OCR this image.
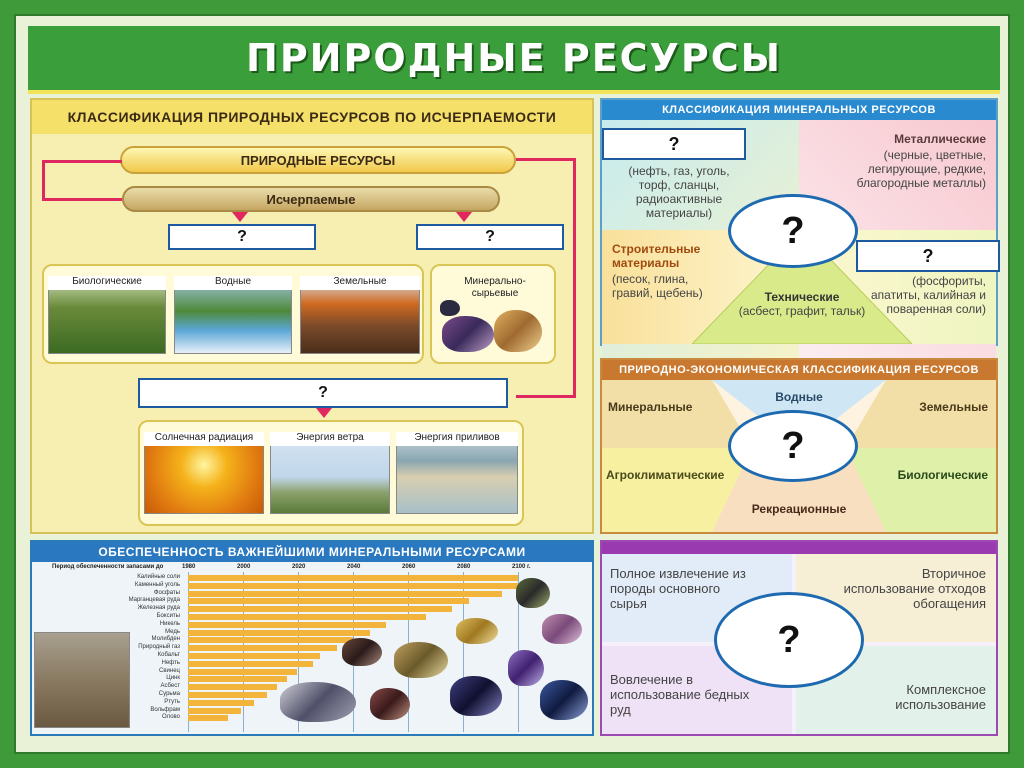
ПРИРОДНЫЕ РЕСУРСЫ
КЛАССИФИКАЦИЯ ПРИРОДНЫХ РЕСУРСОВ ПО ИСЧЕРПАЕМОСТИ
ПРИРОДНЫЕ РЕСУРСЫ
Исчерпаемые
?	?
Биологические	Водные	Земельные	Минерально-сырьевые
?
Солнечная радиация	Энергия ветра	Энергия приливов
ОБЕСПЕЧЕННОСТЬ ВАЖНЕЙШИМИ МИНЕРАЛЬНЫМИ РЕСУРСАМИ
Период обеспеченности запасами до	1980	2000	2020	2040	2060	2080	2100 г.
Калийные соли
Каменный уголь
Фосфаты
Марганцевая руда
Железная руда
Бокситы
Никель
Медь
Молибден
Природный газ
Кобальт
Нефть
Свинец
Цинк
Асбест
Сурьма
Ртуть
Вольфрам
Олово
КЛАССИФИКАЦИЯ МИНЕРАЛЬНЫХ РЕСУРСОВ
?
(нефть, газ, уголь, торф, сланцы, радиоактивные материалы)
Металлические
(черные, цветные, легирующие, редкие, благородные металлы)
Строительные материалы
(песок, глина, гравий, щебень)	Технические
(асбест, графит, тальк)
?
(фосфориты, апатиты, калийная и поваренная соли)
?
ПРИРОДНО-ЭКОНОМИЧЕСКАЯ КЛАССИФИКАЦИЯ РЕСУРСОВ
Минеральные
Водные
Земельные
Агроклиматические	Биологические
Рекреационные
?
Полное извлечение из породы основного сырья
Вторичное использование отходов обогащения
Вовлечение в использование бедных руд
Комплексное использование
?
